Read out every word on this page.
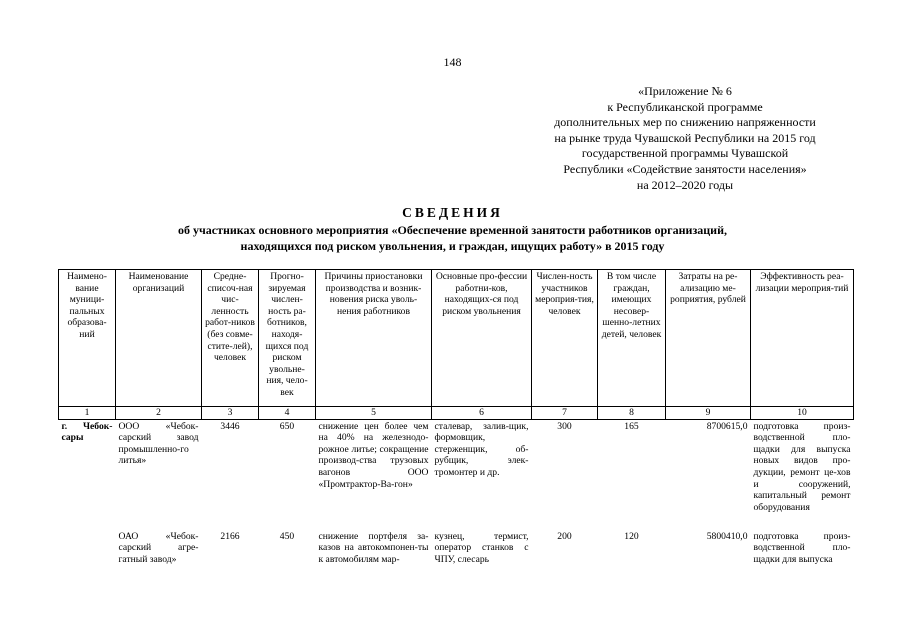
148
«Приложение № 6
к Республиканской программе
дополнительных мер по снижению напряженности
на рынке труда Чувашской Республики на 2015 год
государственной программы Чувашской
Республики «Содействие занятости населения»
на 2012–2020 годы
СВЕДЕНИЯ
об участниках основного мероприятия «Обеспечение временной занятости работников организаций,
находящихся под риском увольнения, и граждан, ищущих работу» в 2015 году
Наимено-вание муници-пальных образова-ний	Наименование организаций	Средне-списоч-ная чис-ленность работ-ников (без совме-стите-лей), человек	Прогно-зируемая числен-ность ра-ботников, находя-щихся под риском увольне-ния, чело-век	Причины приостановки производства и возник-новения риска уволь-нения работников	Основные про-фессии работни-ков, находящих-ся под риском увольнения	Числен-ность участников мероприя-тия, человек	В том числе граждан, имеющих несовер-шенно-летних детей, человек	Затраты на ре-ализацию ме-роприятия, рублей	Эффективность реа-лизации мероприя-тий
1	2	3	4	5	6	7	8	9	10
г. Чебок-сары	ООО «Чебок-сарский завод промышленно-го литья»	3446	650	снижение цен более чем на 40% на железнодо-рожное литье; сокращение производ-ства трузовых вагонов ООО «Промтрактор-Ва-гон»	сталевар, залив-щик, формовщик, стерженщик, об-рубщик, элек-тромонтер и др.	300	165	8700615,0	подготовка произ-водственной пло-щадки для выпуска новых видов про-дукции, ремонт це-хов и сооружений, капитальный ремонт оборудования
	ОАО «Чебок-сарский агре-гатный завод»	2166	450	снижение портфеля за-казов на автокомпонен-ты к автомобилям мар-	кузнец, термист, оператор станков с ЧПУ, слесарь	200	120	5800410,0	подготовка произ-водственной пло-щадки для выпуска
